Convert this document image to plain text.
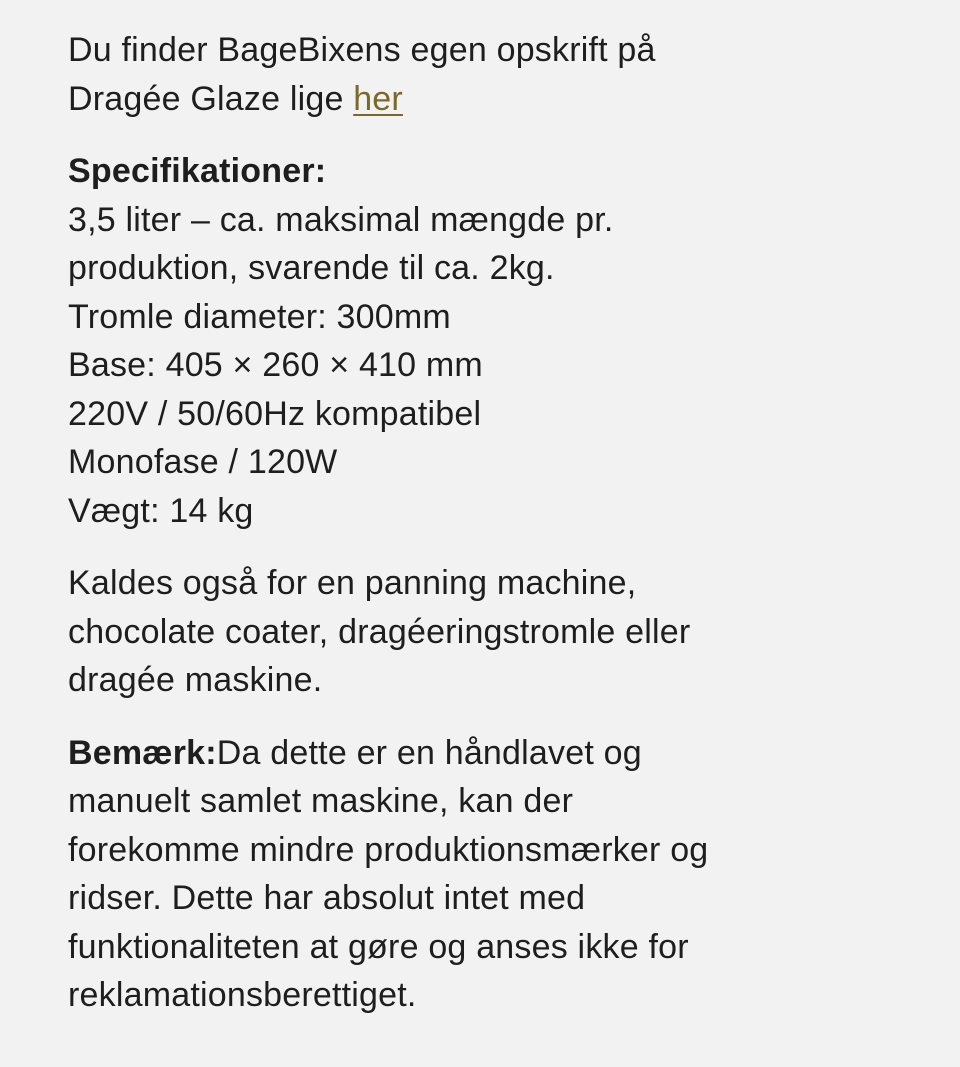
Du finder BageBixens egen opskrift på
Dragée Glaze lige her

Specifikationer:
3,5 liter – ca. maksimal mængde pr.
produktion, svarende til ca. 2kg.
Tromle diameter: 300mm
Base: 405 × 260 × 410 mm
220V / 50/60Hz kompatibel
Monofase / 120W
Vægt: 14 kg

Kaldes også for en panning machine,
chocolate coater, dragéeringstromle eller
dragée maskine.

Bemærk:Da dette er en håndlavet og
manuelt samlet maskine, kan der
forekomme mindre produktionsmærker og
ridser. Dette har absolut intet med
funktionaliteten at gøre og anses ikke for
reklamationsberettiget.
